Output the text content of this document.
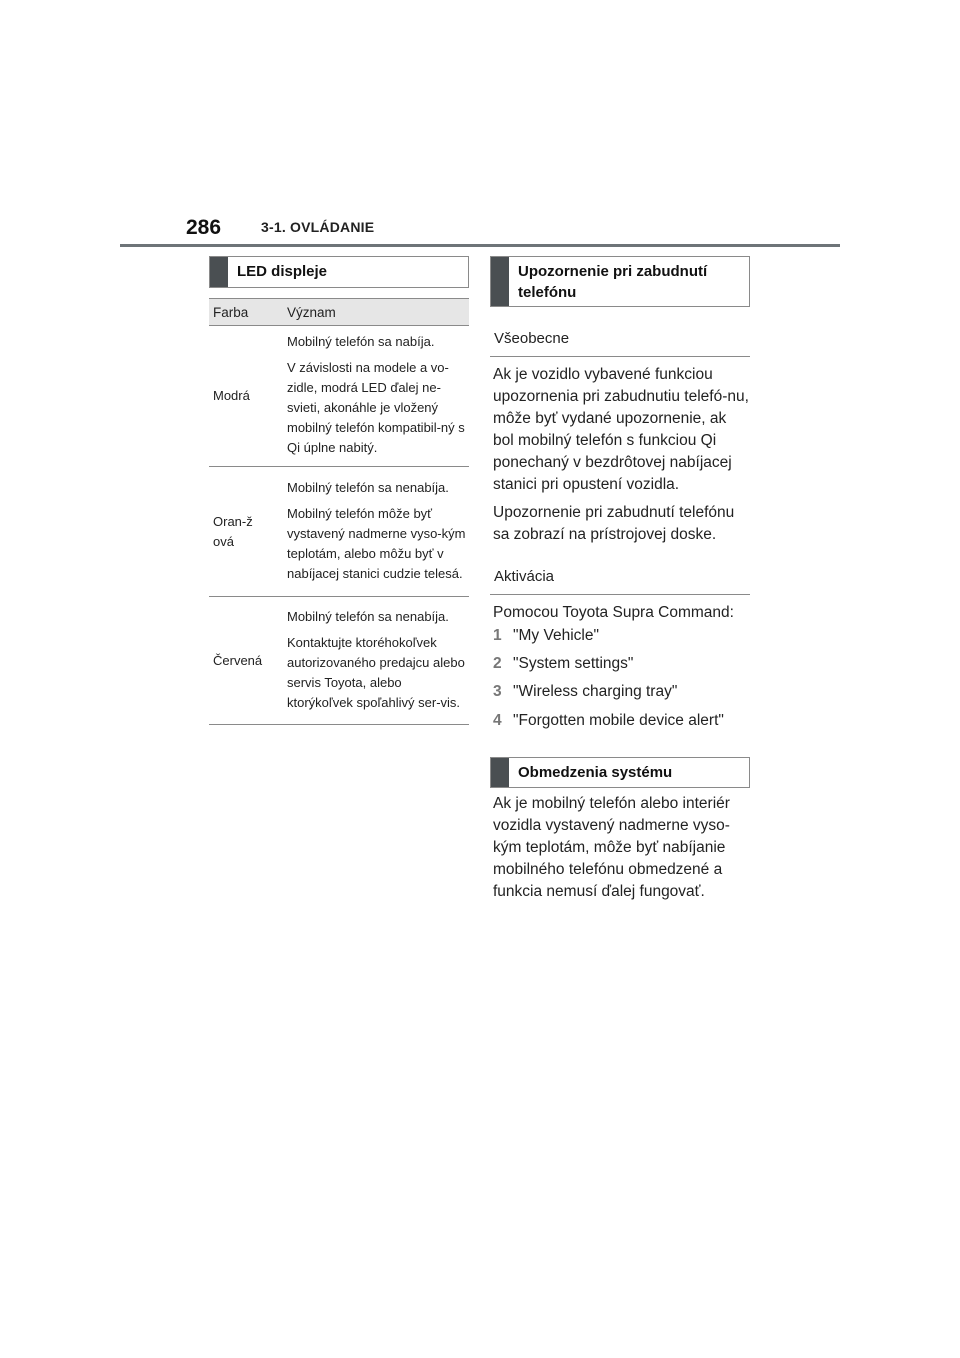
286	3-1. OVLÁDANIE
LED displeje
Farba	Význam
Modrá	Mobilný telefón sa nabíja.
V závislosti na modele a vo-zidle, modrá LED ďalej ne-svieti, akonáhle je vložený mobilný telefón kompatibil-ný s Qi úplne nabitý.

Oran-žová	Mobilný telefón sa nenabíja.
Mobilný telefón môže byť vystavený nadmerne vyso-kým teplotám, alebo môžu byť v nabíjacej stanici cudzie telesá.

Červená	Mobilný telefón sa nenabíja.
Kontaktujte ktoréhokoľvek autorizovaného predajcu alebo servis Toyota, alebo ktorýkoľvek spoľahlivý ser-vis.
Upozornenie pri zabudnutí telefónu
Všeobecne

Ak je vozidlo vybavené funkciou upozornenia pri zabudnutiu telefó-nu, môže byť vydané upozornenie, ak bol mobilný telefón s funkciou Qi ponechaný v bezdrôtovej nabíjacej stanici pri opustení vozidla.

Upozornenie pri zabudnutí telefónu sa zobrazí na prístrojovej doske.

Aktivácia
Pomocou Toyota Supra Command:
1 "My Vehicle"
2 "System settings"
3 "Wireless charging tray"
4 "Forgotten mobile device alert"
Obmedzenia systému
Ak je mobilný telefón alebo interiér vozidla vystavený nadmerne vyso-kým teplotám, môže byť nabíjanie mobilného telefónu obmedzené a funkcia nemusí ďalej fungovať.
